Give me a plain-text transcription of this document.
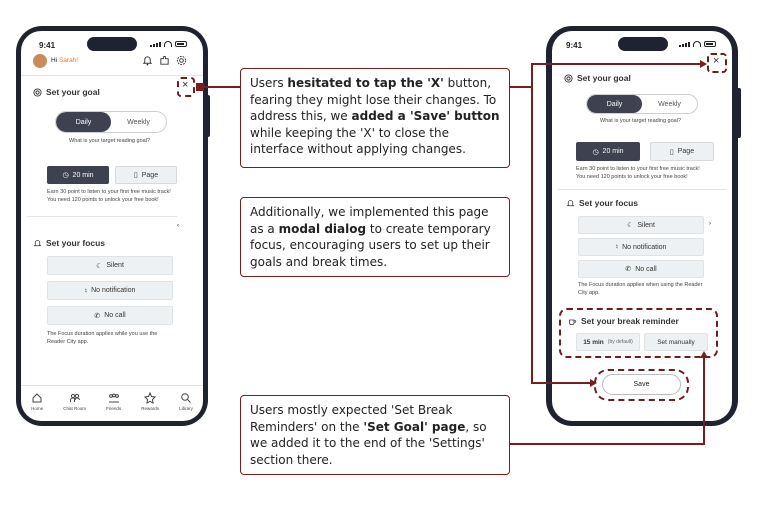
9:41
Hi Sarah!
Set your goal
×
Daily	Weekly
What is your target reading goal?
◷ 20 min	▯ Page
Earn 30 point to listen to your first free music track!
You need 120 points to unlock your free book!
‹
Set your focus
☾ Silent
♮ No notification
✆ No call
The Focus duration applies while you use the
Reader City app.
Home	Chat Room	Friends	Rewards	Library
9:41
×
Set your goal
Daily	Weekly
What is your target reading goal?
◷ 20 min	▯ Page
Earn 30 point to listen to your first free music track!
You need 120 points to unlock your free book!
Set your focus
☾ Silent	›
♮ No notification
✆ No call
The Focus duration applies when using the Reader
City app.
Set your break reminder
15 min (by default)	Set manually
Save
Users hesitated to tap the 'X' button, fearing they might lose their changes. To address this, we added a 'Save' button while keeping the 'X' to close the interface without applying changes.
Additionally, we implemented this page as a modal dialog to create temporary focus, encouraging users to set up their goals and break times.
Users mostly expected 'Set Break Reminders' on the 'Set Goal' page, so we added it to the end of the 'Settings' section there.
